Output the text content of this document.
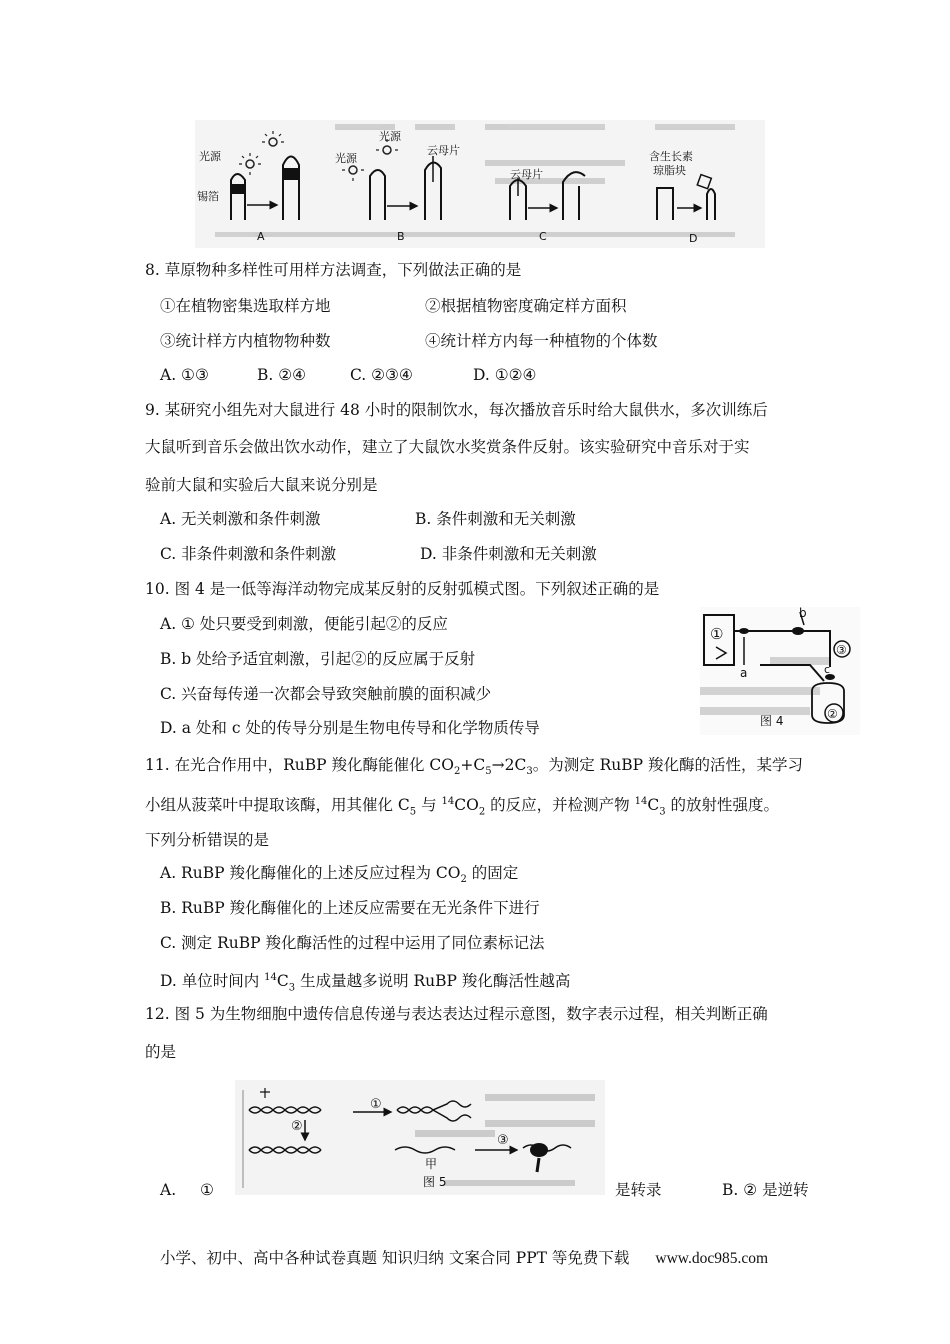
光源
锡箔
A
光源
光源
云母片
B
云母片
C
含生长素
琼脂块
D
8. 草原物种多样性可用样方法调查，下列做法正确的是
①在植物密集选取样方地	②根据植物密度确定样方面积
③统计样方内植物物种数	④统计样方内每一种植物的个体数
A. ①③	B. ②④	C. ②③④	D. ①②④
9. 某研究小组先对大鼠进行 48 小时的限制饮水，每次播放音乐时给大鼠供水，多次训练后
大鼠听到音乐会做出饮水动作，建立了大鼠饮水奖赏条件反射。该实验研究中音乐对于实
验前大鼠和实验后大鼠来说分别是
A. 无关刺激和条件刺激	B. 条件刺激和无关刺激
C. 非条件刺激和条件刺激	D. 非条件刺激和无关刺激
10. 图 4 是一低等海洋动物完成某反射的反射弧模式图。下列叙述正确的是
A. ① 处只要受到刺激，便能引起②的反应
B. b 处给予适宜刺激，引起②的反应属于反射
C. 兴奋每传递一次都会导致突触前膜的面积减少
D. a 处和 c 处的传导分别是生物电传导和化学物质传导
①
b
a
③
c
②
图 4
11. 在光合作用中，RuBP 羧化酶能催化 $CO_2+C_5\to 2C_3$。为测定 RuBP 羧化酶的活性，某学习
小组从菠菜叶中提取该酶，用其催化 $C_5$ 与 $^{14}CO_2$ 的反应，并检测产物 $^{14}C_3$ 的放射性强度。
下列分析错误的是
A. RuBP 羧化酶催化的上述反应过程为 $CO_2$ 的固定
B. RuBP 羧化酶催化的上述反应需要在无光条件下进行
C. 测定 RuBP 羧化酶活性的过程中运用了同位素标记法
D. 单位时间内 $^{14}C_3$ 生成量越多说明 RuBP 羧化酶活性越高
12. 图 5 为生物细胞中遗传信息传递与表达表达过程示意图，数字表示过程，相关判断正确
的是
①
②
甲
③
图 5
A. ①	是转录	B. ② 是逆转
小学、初中、高中各种试卷真题 知识归纳 文案合同 PPT 等免费下载 www.doc985.com
